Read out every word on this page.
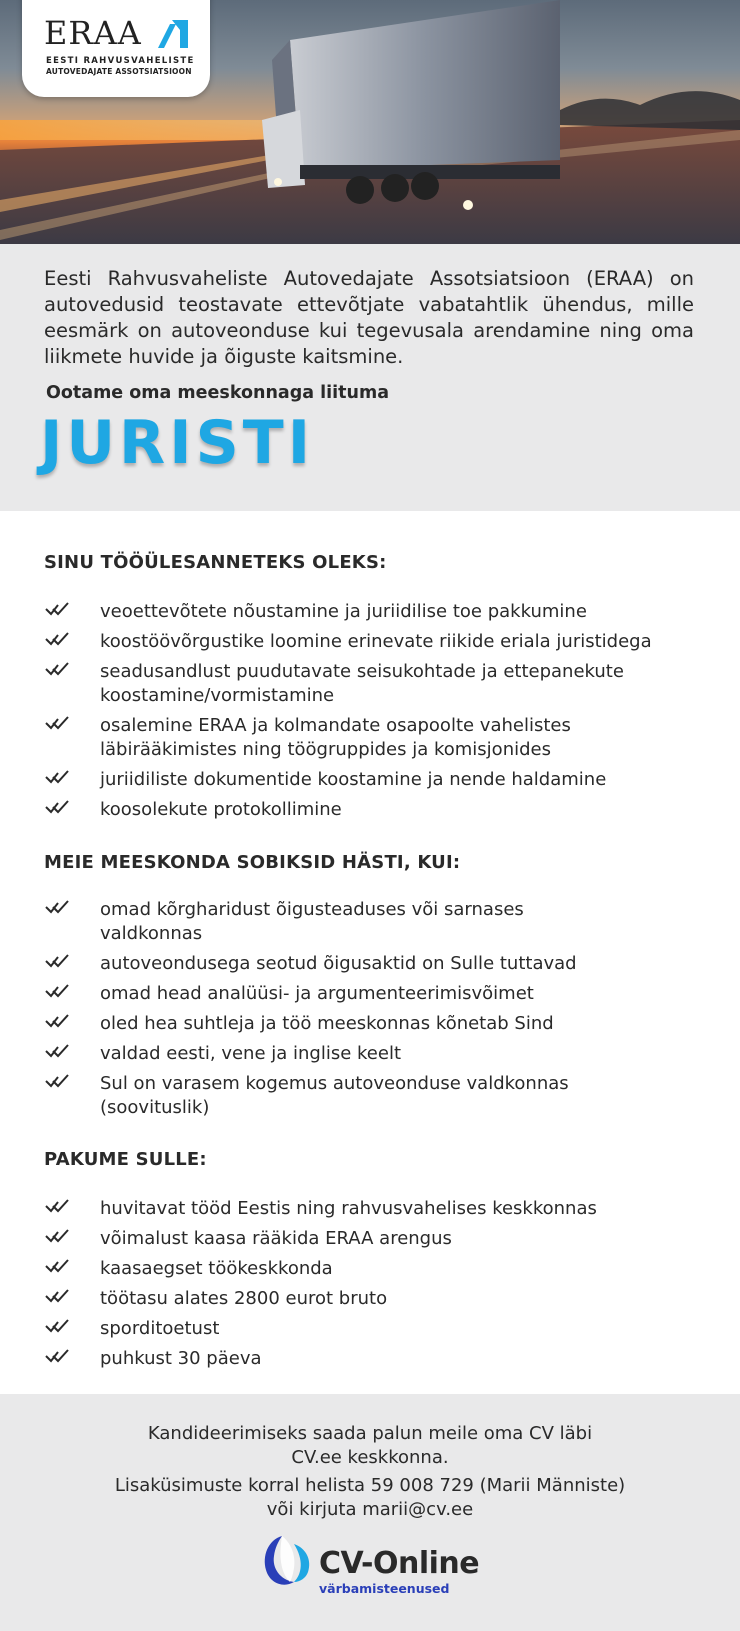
ERAA
EESTI RAHVUSVAHELISTE
AUTOVEDAJATE ASSOTSIATSIOON
Eesti Rahvusvaheliste Autovedajate Assotsiatsioon (ERAA) on autovedusid teostavate ettevõtjate vabatahtlik ühendus, mille eesmärk on autoveonduse kui tegevusala arendamine ning oma liikmete huvide ja õiguste kaitsmine.
Ootame oma meeskonnaga liituma
JURISTI
SINU TÖÖÜLESANNETEKS OLEKS:
veoettevõtete nõustamine ja juriidilise toe pakkumine
koostöövõrgustike loomine erinevate riikide eriala juristidega
seadusandlust puudutavate seisukohtade ja ettepanekute koostamine/vormistamine
osalemine ERAA ja kolmandate osapoolte vahelistes läbirääkimistes ning töögruppides ja komisjonides
juriidiliste dokumentide koostamine ja nende haldamine
koosolekute protokollimine
MEIE MEESKONDA SOBIKSID HÄSTI, KUI:
omad kõrgharidust õigusteaduses või sarnases valdkonnas
autoveondusega seotud õigusaktid on Sulle tuttavad
omad head analüüsi- ja argumenteerimisvõimet
oled hea suhtleja ja töö meeskonnas kõnetab Sind
valdad eesti, vene ja inglise keelt
Sul on varasem kogemus autoveonduse valdkonnas (soovituslik)
PAKUME SULLE:
huvitavat tööd Eestis ning rahvusvahelises keskkonnas
võimalust kaasa rääkida ERAA arengus
kaasaegset töökeskkonda
töötasu alates 2800 eurot bruto
sporditoetust
puhkust 30 päeva
Kandideerimiseks saada palun meile oma CV läbi
CV.ee keskkonna.
Lisaküsimuste korral helista 59 008 729 (Marii Männiste)
või kirjuta marii@cv.ee
CV-Online
värbamisteenused
